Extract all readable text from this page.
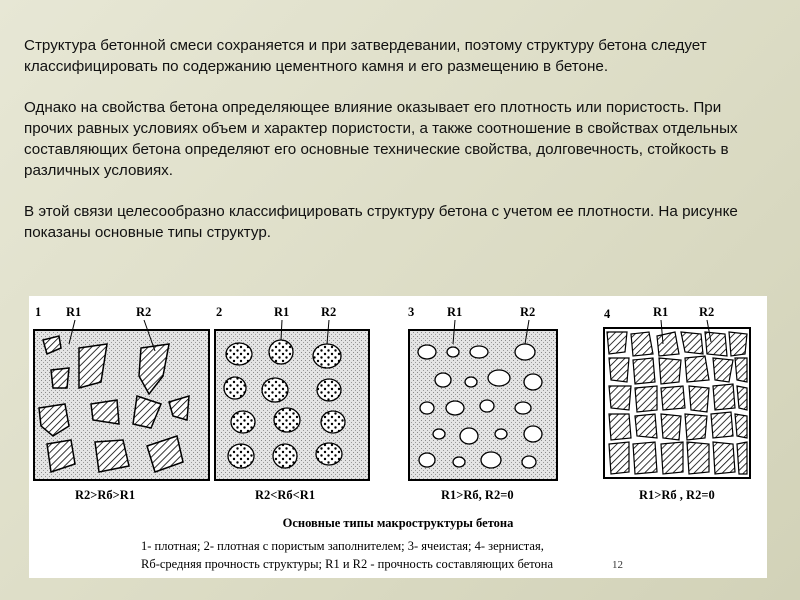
Структура бетонной смеси сохраняется и при затвердевании, поэтому структуру бетона следует классифицировать по содержанию цементного камня и его размещению в бетоне.

Однако на свойства бетона определяющее влияние оказывает его плотность или пористость. При прочих равных условиях объем и характер пористости, а также соотношение в свойствах отдельных составляющих бетона определяют его основные технические свойства, долговечность, стойкость в различных условиях.

В этой связи целесообразно классифицировать структуру бетона с учетом ее плотности. На рисунке показаны основные типы структур.

1 R1	R2
R2>Rб>R1
2	R1	R2
R2<Rб<R1
3	R1	R2
R1>Rб, R2=0
4	R1 R2
R1>Rб , R2=0
Основные типы макроструктуры бетона
1- плотная; 2- плотная с пористым заполнителем; 3- ячеистая; 4- зернистая,
Rб-средняя прочность структуры; R1 и R2 - прочность составляющих бетона	12
